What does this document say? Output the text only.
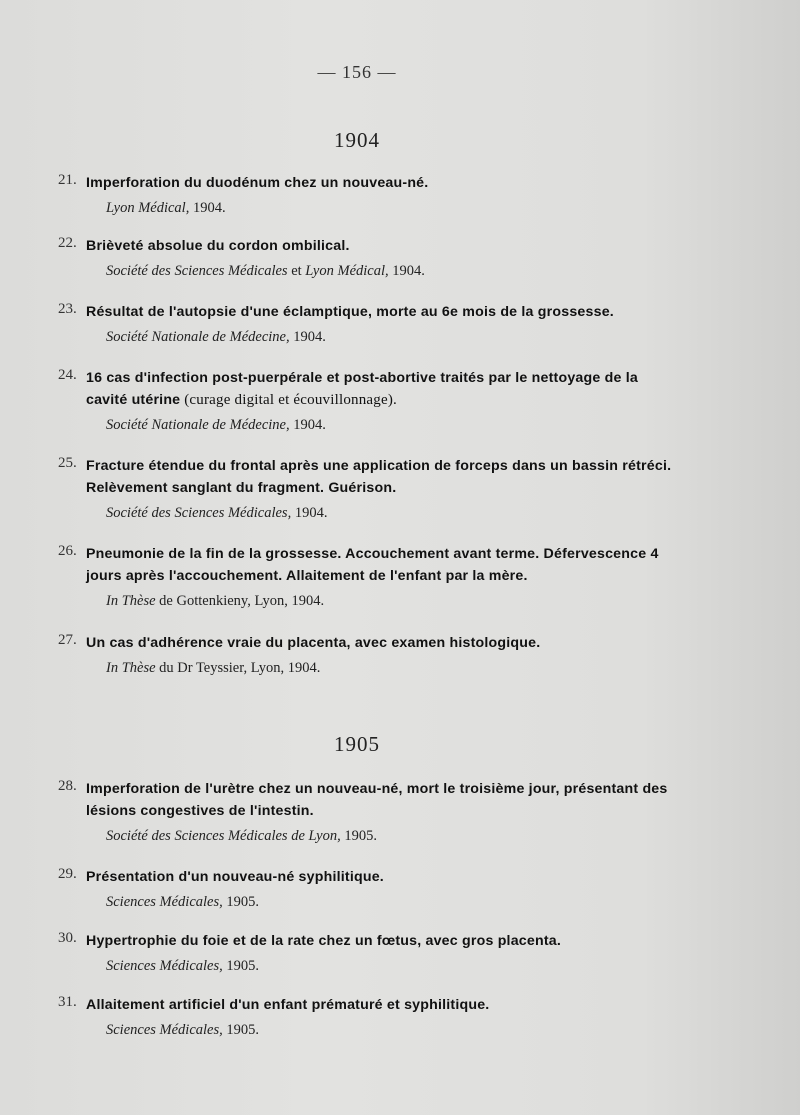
— 156 —
1904
21. Imperforation du duodénum chez un nouveau-né.
Lyon Médical, 1904.
22. Brièveté absolue du cordon ombilical.
Société des Sciences Médicales et Lyon Médical, 1904.
23. Résultat de l'autopsie d'une éclamptique, morte au 6e mois de la grossesse.
Société Nationale de Médecine, 1904.
24. 16 cas d'infection post-puerpérale et post-abortive traités par le nettoyage de la cavité utérine (curage digital et écouvillonnage).
Société Nationale de Médecine, 1904.
25. Fracture étendue du frontal après une application de forceps dans un bassin rétréci. Relèvement sanglant du fragment. Guérison.
Société des Sciences Médicales, 1904.
26. Pneumonie de la fin de la grossesse. Accouchement avant terme. Défervescence 4 jours après l'accouchement. Allaitement de l'enfant par la mère.
In Thèse de Gottenkieny, Lyon, 1904.
27. Un cas d'adhérence vraie du placenta, avec examen histologique.
In Thèse du Dr Teyssier, Lyon, 1904.
1905
28. Imperforation de l'urètre chez un nouveau-né, mort le troisième jour, présentant des lésions congestives de l'intestin.
Société des Sciences Médicales de Lyon, 1905.
29. Présentation d'un nouveau-né syphilitique.
Sciences Médicales, 1905.
30. Hypertrophie du foie et de la rate chez un fœtus, avec gros placenta.
Sciences Médicales, 1905.
31. Allaitement artificiel d'un enfant prématuré et syphilitique.
Sciences Médicales, 1905.
